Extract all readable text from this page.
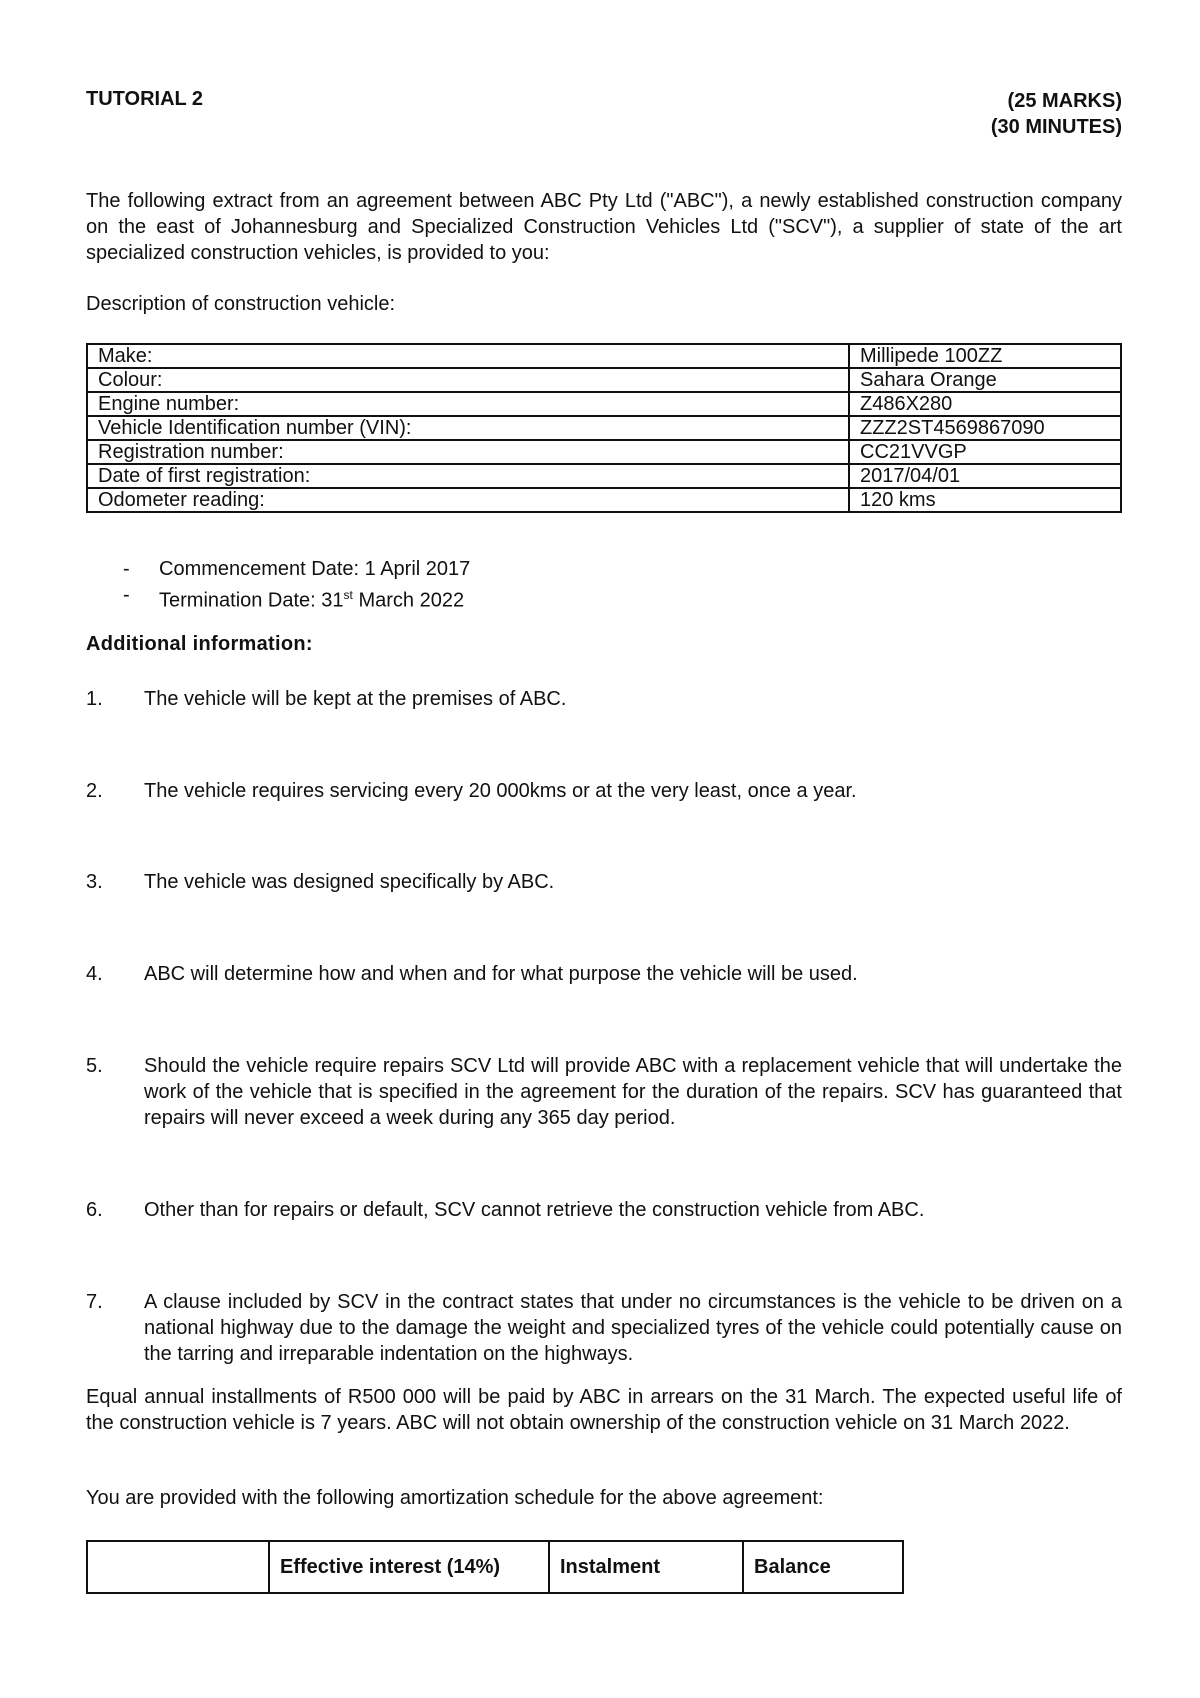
TUTORIAL 2	(25 MARKS)
(30 MINUTES)
The following extract from an agreement between ABC Pty Ltd ("ABC"), a newly established construction company on the east of Johannesburg and Specialized Construction Vehicles Ltd ("SCV"), a supplier of state of the art specialized construction vehicles, is provided to you:
Description of construction vehicle:
Make:	Millipede 100ZZ
Colour:	Sahara Orange
Engine number:	Z486X280
Vehicle Identification number (VIN):	ZZZ2ST4569867090
Registration number:	CC21VVGP
Date of first registration:	2017/04/01
Odometer reading:	120 kms
- Commencement Date: 1 April 2017
- Termination Date: 31st March 2022
Additional information:
1. The vehicle will be kept at the premises of ABC.
2. The vehicle requires servicing every 20 000kms or at the very least, once a year.
3. The vehicle was designed specifically by ABC.
4. ABC will determine how and when and for what purpose the vehicle will be used.
5. Should the vehicle require repairs SCV Ltd will provide ABC with a replacement vehicle that will undertake the work of the vehicle that is specified in the agreement for the duration of the repairs. SCV has guaranteed that repairs will never exceed a week during any 365 day period.
6. Other than for repairs or default, SCV cannot retrieve the construction vehicle from ABC.
7. A clause included by SCV in the contract states that under no circumstances is the vehicle to be driven on a national highway due to the damage the weight and specialized tyres of the vehicle could potentially cause on the tarring and irreparable indentation on the highways.
Equal annual installments of R500 000 will be paid by ABC in arrears on the 31 March. The expected useful life of the construction vehicle is 7 years. ABC will not obtain ownership of the construction vehicle on 31 March 2022.
You are provided with the following amortization schedule for the above agreement:
	Effective interest (14%)	Instalment	Balance
